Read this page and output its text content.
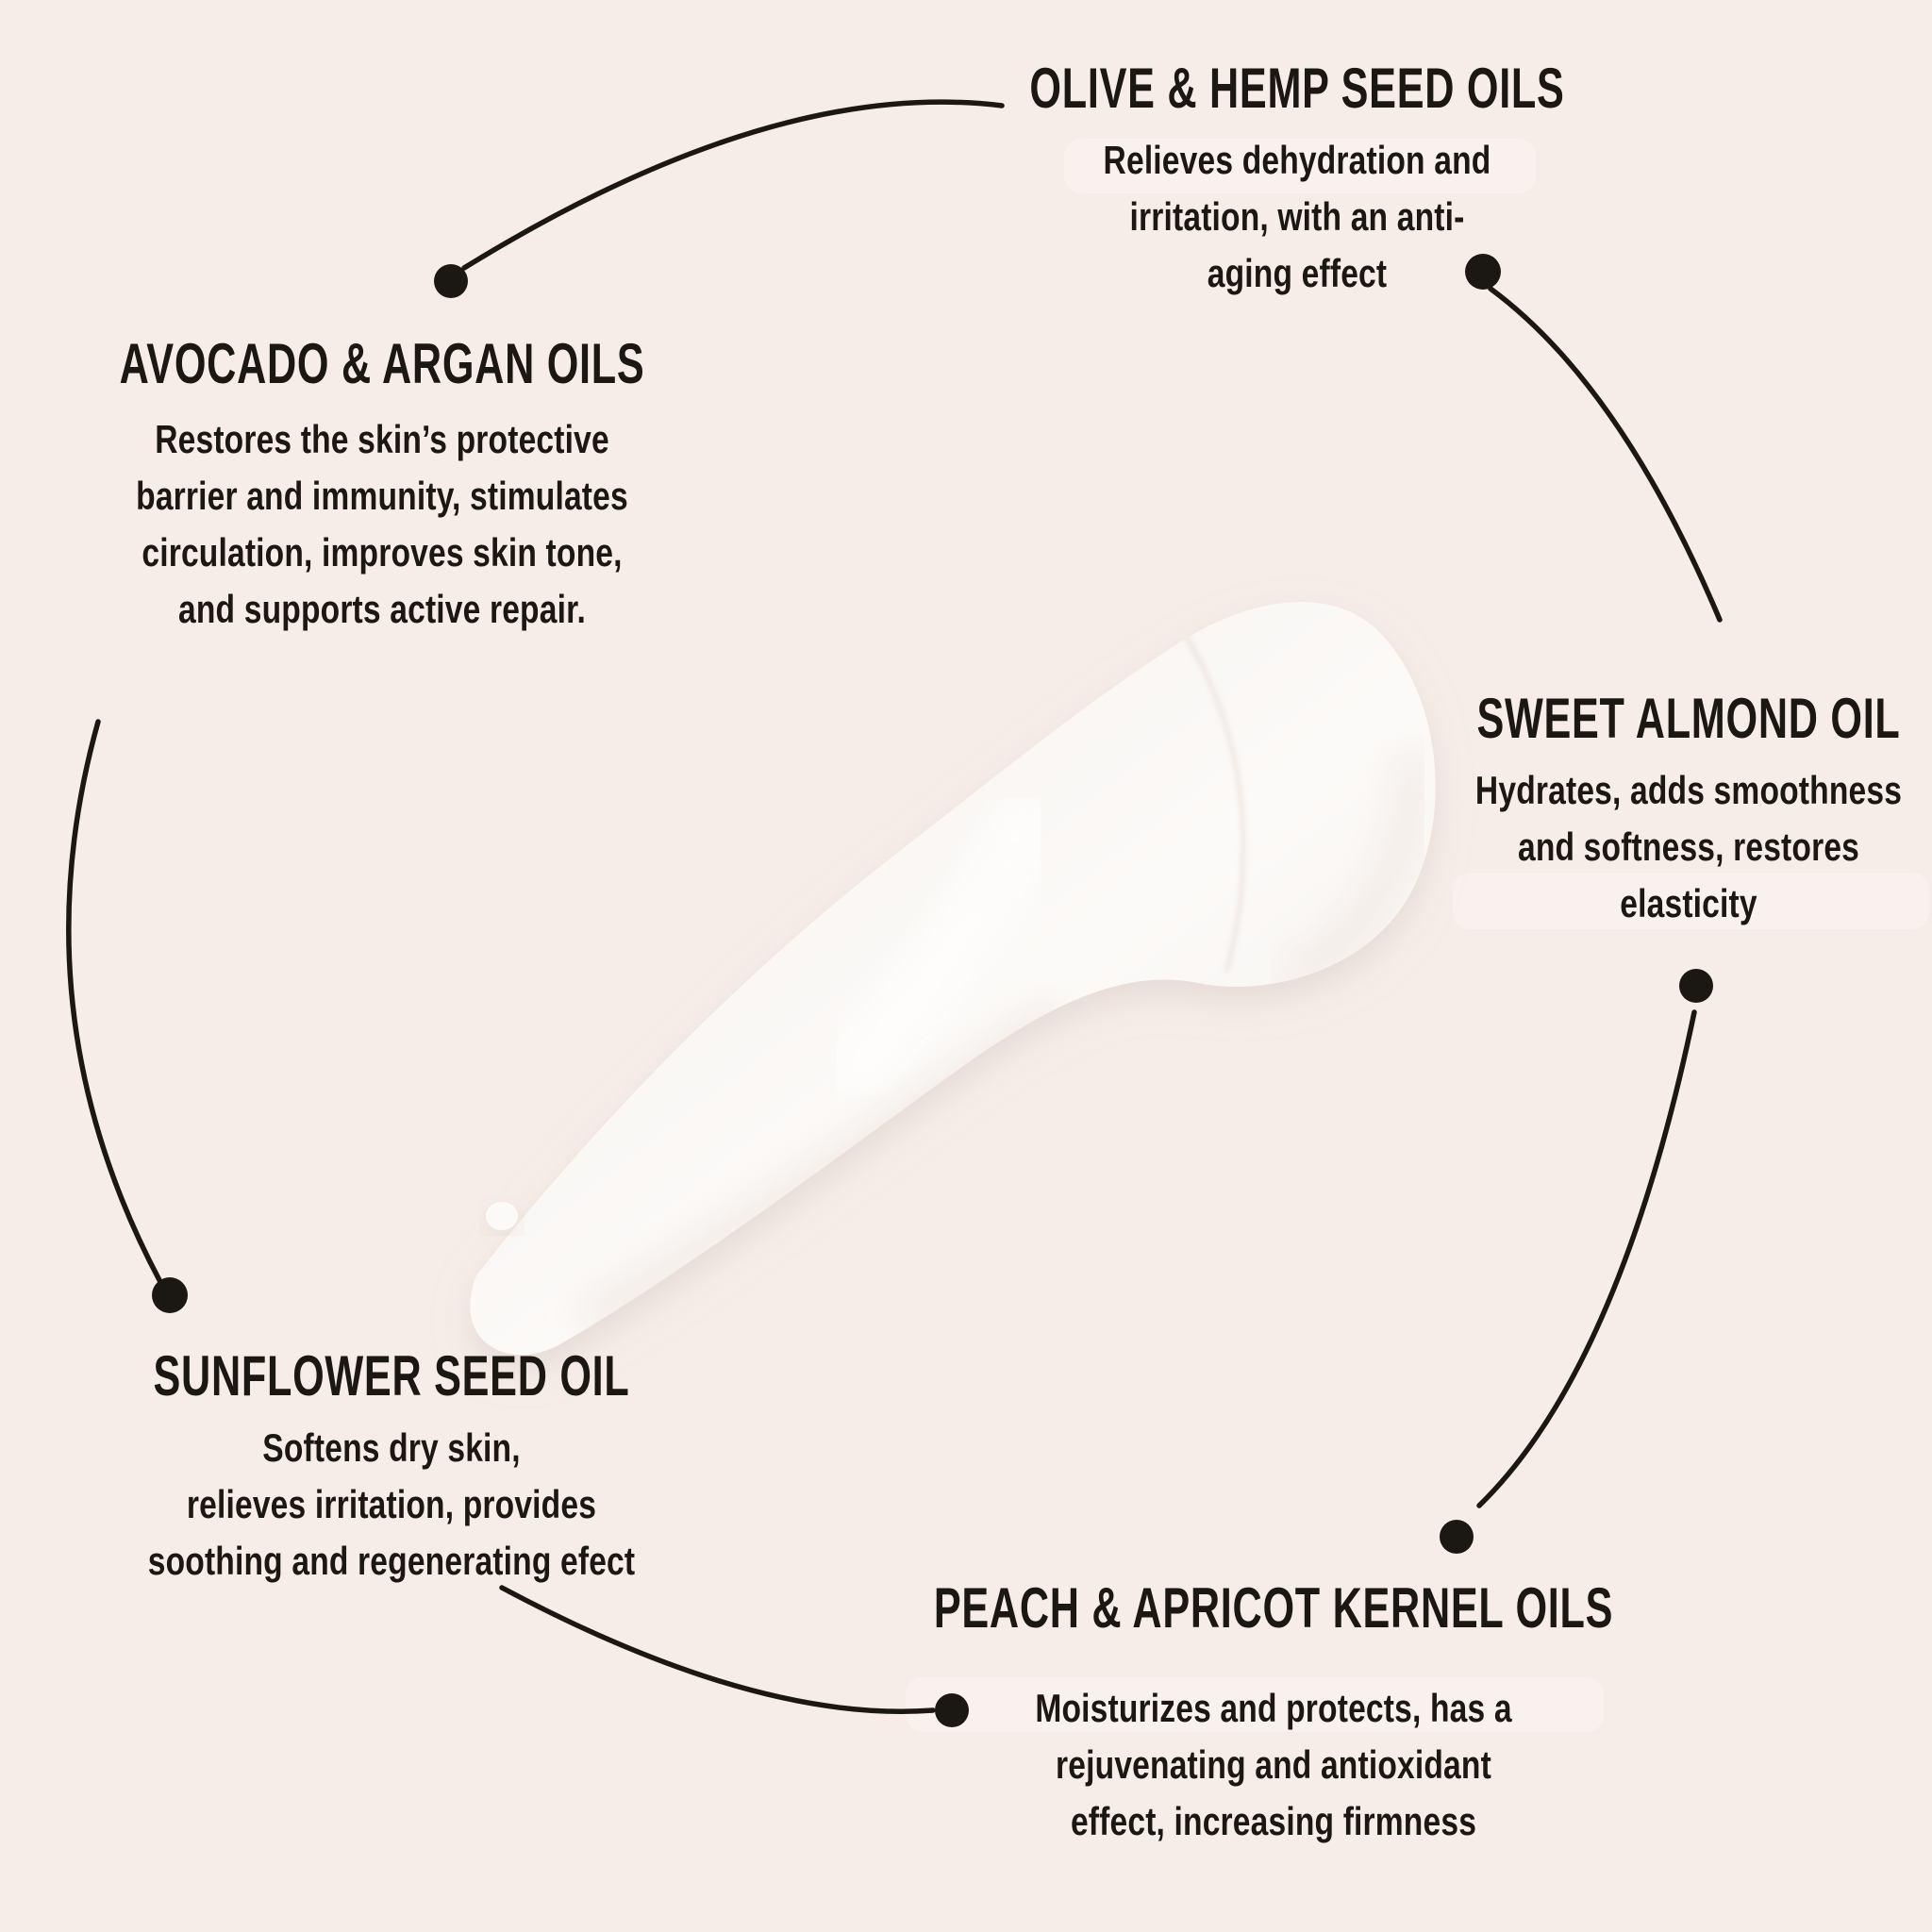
OLIVE & HEMP SEED OILS
Relieves dehydration and
irritation, with an anti-
aging effect
AVOCADO & ARGAN OILS
Restores the skin’s protective
barrier and immunity, stimulates
circulation, improves skin tone,
and supports active repair.
SWEET ALMOND OIL
Hydrates, adds smoothness
and softness, restores
elasticity
SUNFLOWER SEED OIL
Softens dry skin,
relieves irritation, provides
soothing and regenerating efect
PEACH & APRICOT KERNEL OILS
Moisturizes and protects, has a
rejuvenating and antioxidant
effect, increasing firmness
